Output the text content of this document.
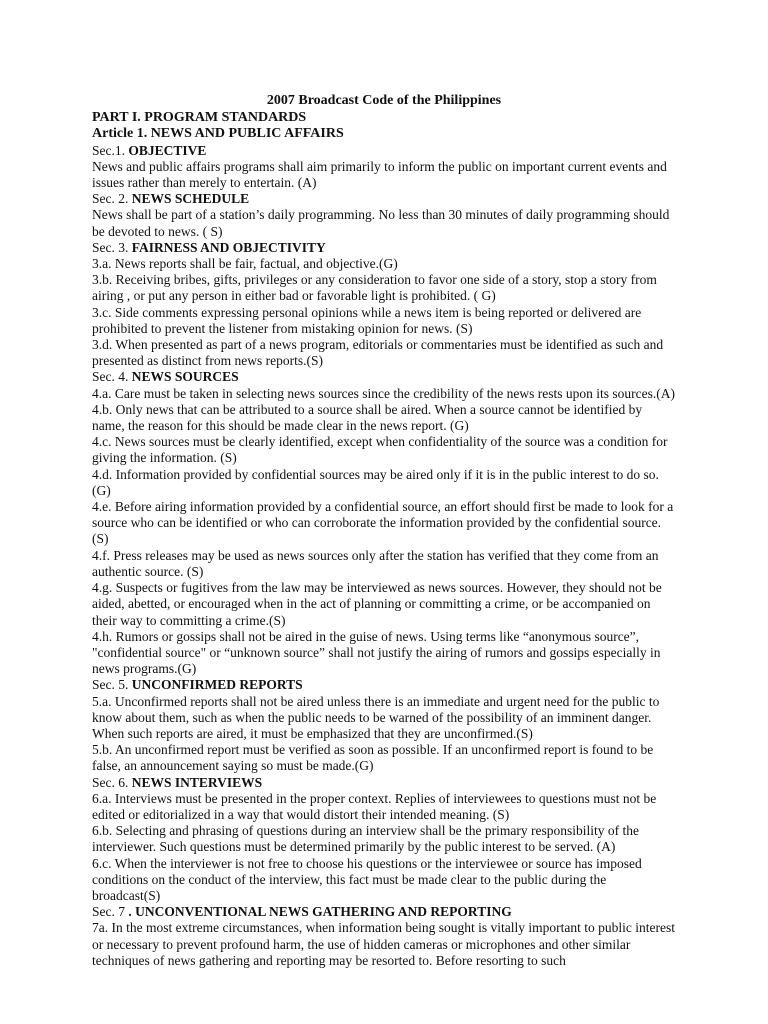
2007 Broadcast Code of the Philippines
PART I. PROGRAM STANDARDS
Article 1. NEWS AND PUBLIC AFFAIRS
Sec.1. OBJECTIVE

News and public affairs programs shall aim primarily to inform the public on important current events and issues rather than merely to entertain. (A)

Sec. 2. NEWS SCHEDULE

News shall be part of a station’s daily programming. No less than 30 minutes of daily programming should be devoted to news. ( S)

Sec. 3. FAIRNESS AND OBJECTIVITY

3.a. News reports shall be fair, factual, and objective.(G)

3.b. Receiving bribes, gifts, privileges or any consideration to favor one side of a story, stop a story from airing , or put any person in either bad or favorable light is prohibited. ( G)

3.c. Side comments expressing personal opinions while a news item is being reported or delivered are prohibited to prevent the listener from mistaking opinion for news. (S)

3.d. When presented as part of a news program, editorials or commentaries must be identified as such and presented as distinct from news reports.(S)

Sec. 4. NEWS SOURCES

4.a. Care must be taken in selecting news sources since the credibility of the news rests upon its sources.(A)

4.b. Only news that can be attributed to a source shall be aired. When a source cannot be identified by name, the reason for this should be made clear in the news report. (G)

4.c. News sources must be clearly identified, except when confidentiality of the source was a condition for giving the information. (S)

4.d. Information provided by confidential sources may be aired only if it is in the public interest to do so. (G)

4.e. Before airing information provided by a confidential source, an effort should first be made to look for a source who can be identified or who can corroborate the information provided by the confidential source. (S)

4.f. Press releases may be used as news sources only after the station has verified that they come from an authentic source. (S)

4.g. Suspects or fugitives from the law may be interviewed as news sources. However, they should not be aided, abetted, or encouraged when in the act of planning or committing a crime, or be accompanied on their way to committing a crime.(S)

4.h. Rumors or gossips shall not be aired in the guise of news. Using terms like “anonymous source”, "confidential source" or “unknown source” shall not justify the airing of rumors and gossips especially in news programs.(G)

Sec. 5. UNCONFIRMED REPORTS

5.a. Unconfirmed reports shall not be aired unless there is an immediate and urgent need for the public to know about them, such as when the public needs to be warned of the possibility of an imminent danger. When such reports are aired, it must be emphasized that they are unconfirmed.(S)

5.b. An unconfirmed report must be verified as soon as possible. If an unconfirmed report is found to be false, an announcement saying so must be made.(G)

Sec. 6. NEWS INTERVIEWS

6.a. Interviews must be presented in the proper context. Replies of interviewees to questions must not be edited or editorialized in a way that would distort their intended meaning. (S)

6.b. Selecting and phrasing of questions during an interview shall be the primary responsibility of the interviewer. Such questions must be determined primarily by the public interest to be served. (A)

6.c. When the interviewer is not free to choose his questions or the interviewee or source has imposed conditions on the conduct of the interview, this fact must be made clear to the public during the broadcast(S)

Sec. 7 . UNCONVENTIONAL NEWS GATHERING AND REPORTING

7a. In the most extreme circumstances, when information being sought is vitally important to public interest or necessary to prevent profound harm, the use of hidden cameras or microphones and other similar techniques of news gathering and reporting may be resorted to. Before resorting to such
